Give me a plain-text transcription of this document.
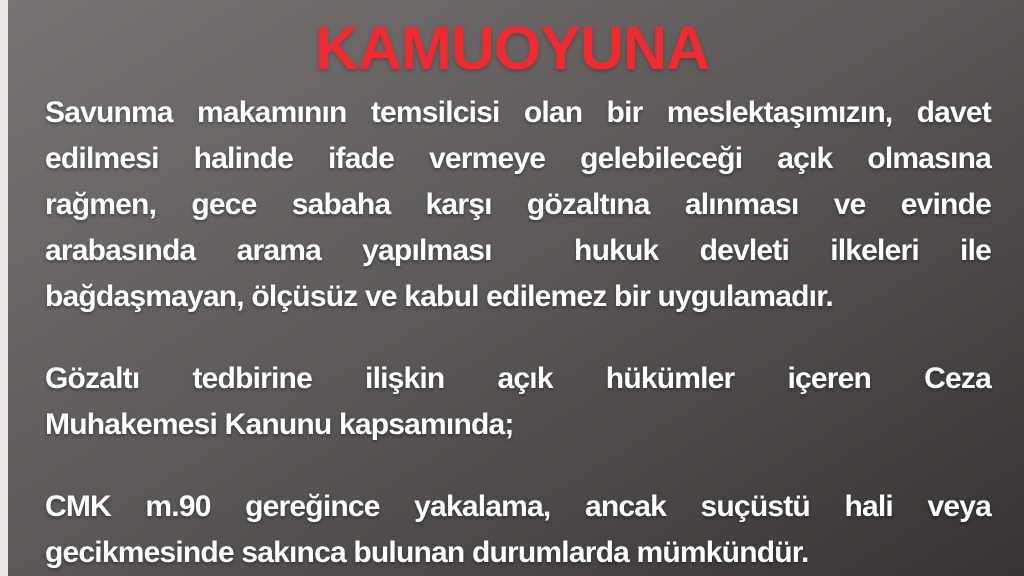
KAMUOYUNA
Savunma makamının temsilcisi olan bir meslektaşımızın, davet
edilmesi halinde ifade vermeye gelebileceği açık olmasına
rağmen, gece sabaha karşı gözaltına alınması ve evinde
arabasında arama yapılması  hukuk devleti ilkeleri ile
bağdaşmayan, ölçüsüz ve kabul edilemez bir uygulamadır.
Gözaltı tedbirine ilişkin açık hükümler içeren Ceza
Muhakemesi Kanunu kapsamında;
CMK m.90 gereğince yakalama, ancak suçüstü hali veya
gecikmesinde sakınca bulunan durumlarda mümkündür.
